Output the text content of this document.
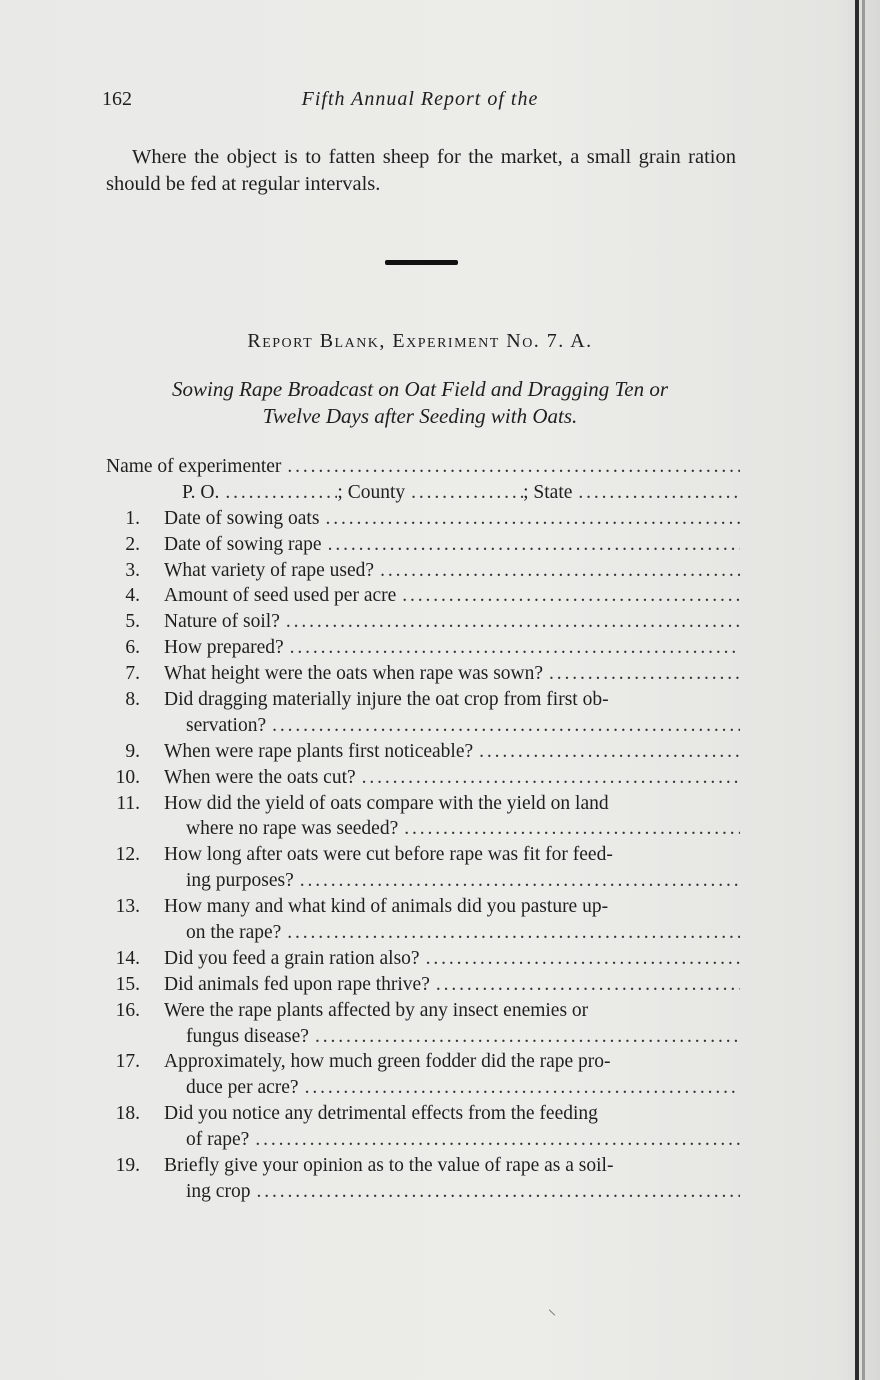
162	Fifth Annual Report of the

Where the object is to fatten sheep for the market, a small grain ration should be fed at regular intervals.

Report Blank, Experiment No. 7. A.
Sowing Rape Broadcast on Oat Field and Dragging Ten or
Twelve Days after Seeding with Oats.
Name of experimenter
. . .
P. O. . . .	; County . . .	; State
. . .
1.	Date of sowing oats
. . .
2.	Date of sowing rape
. . .
3.	What variety of rape used?
. . .
4.	Amount of seed used per acre
. . .
5.	Nature of soil?
. . .
6.	How prepared?
. . .
7.	What height were the oats when rape was sown?
. . .
8.	Did dragging materially injure the oat crop from first ob-
servation?
. . .
9.	When were rape plants first noticeable?
. . .
10.	When were the oats cut?
. . .
11.	How did the yield of oats compare with the yield on land
where no rape was seeded?
. . .
12.	How long after oats were cut before rape was fit for feed-
ing purposes?
. . .
13.	How many and what kind of animals did you pasture up-
on the rape?
. . .
14.	Did you feed a grain ration also?
. . .
15.	Did animals fed upon rape thrive?
. . .
16.	Were the rape plants affected by any insect enemies or
fungus disease?
. . .
17.	Approximately, how much green fodder did the rape pro-
duce per acre?
. . .
18.	Did you notice any detrimental effects from the feeding
of rape?
. . .
19.	Briefly give your opinion as to the value of rape as a soil-
ing crop
. . .
